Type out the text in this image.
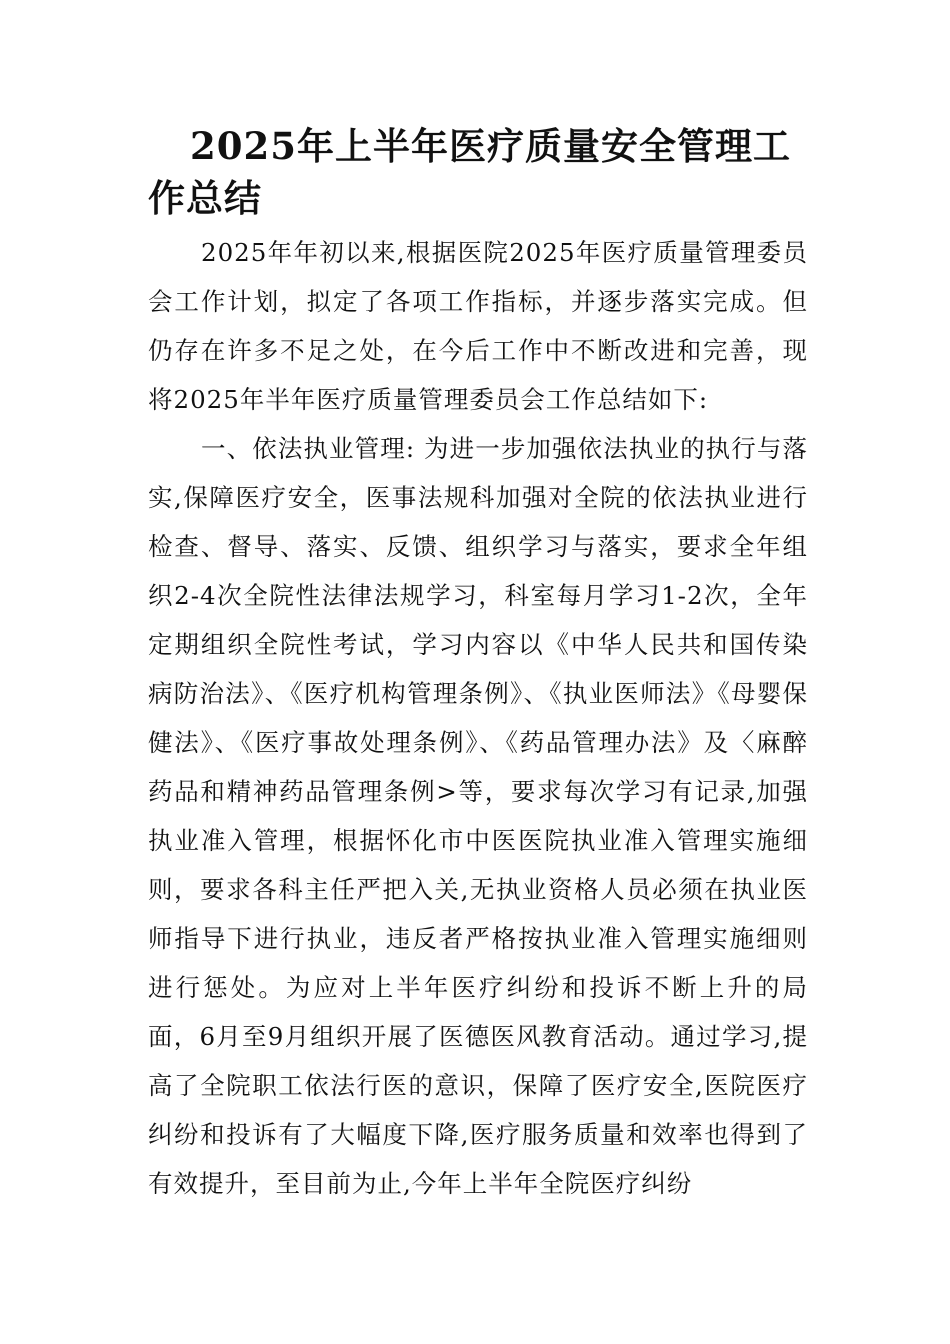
2025年上半年医疗质量安全管理工作总结

2025年年初以来,根据医院2025年医疗质量管理委员会工作计划，拟定了各项工作指标，并逐步落实完成。但仍存在许多不足之处，在今后工作中不断改进和完善，现将2025年半年医疗质量管理委员会工作总结如下:

一、依法执业管理: 为进一步加强依法执业的执行与落实,保障医疗安全，医事法规科加强对全院的依法执业进行检查、督导、落实、反馈、组织学习与落实，要求全年组织2-4次全院性法律法规学习，科室每月学习1-2次，全年定期组织全院性考试，学习内容以《中华人民共和国传染病防治法》、《医疗机构管理条例》、《执业医师法》《母婴保健法》、《医疗事故处理条例》、《药品管理办法》及〈麻醉药品和精神药品管理条例>等，要求每次学习有记录,加强执业准入管理，根据怀化市中医医院执业准入管理实施细则，要求各科主任严把入关,无执业资格人员必须在执业医师指导下进行执业，违反者严格按执业准入管理实施细则进行惩处。为应对上半年医疗纠纷和投诉不断上升的局面，6月至9月组织开展了医德医风教育活动。通过学习,提高了全院职工依法行医的意识，保障了医疗安全,医院医疗纠纷和投诉有了大幅度下降,医疗服务质量和效率也得到了有效提升，至目前为止,今年上半年全院医疗纠纷
